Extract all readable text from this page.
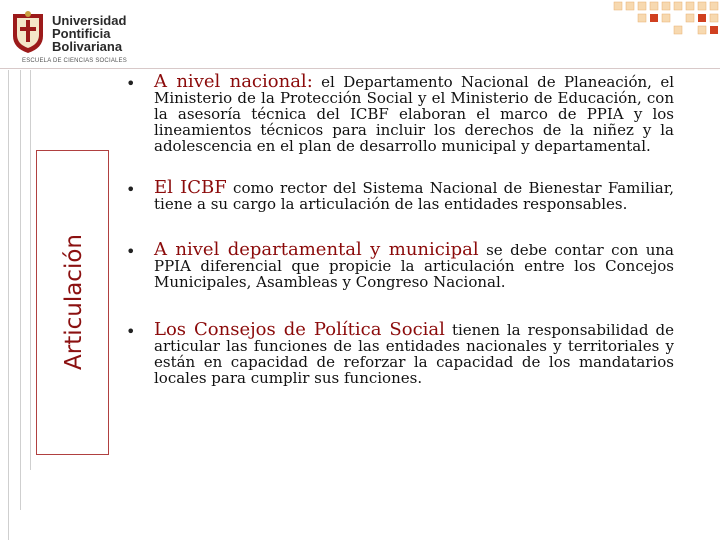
Universidad
Pontificia
Bolivariana
ESCUELA DE CIENCIAS SOCIALES
Articulación
• A nivel nacional: el Departamento Nacional de Planeación, el Ministerio de la Protección Social y el Ministerio de Educación, con la asesoría técnica del ICBF elaboran el marco de PPIA y los lineamientos técnicos para incluir los derechos de la niñez y la adolescencia en el plan de desarrollo municipal y departamental.

• El ICBF como rector del Sistema Nacional de Bienestar Familiar, tiene a su cargo la articulación de las entidades responsables.

• A nivel departamental y municipal se debe contar con una PPIA diferencial que propicie la articulación entre los Concejos Municipales, Asambleas y Congreso Nacional.

• Los Consejos de Política Social tienen la responsabilidad de articular las funciones de las entidades nacionales y territoriales y están en capacidad de reforzar la capacidad de los mandatarios locales para cumplir sus funciones.
